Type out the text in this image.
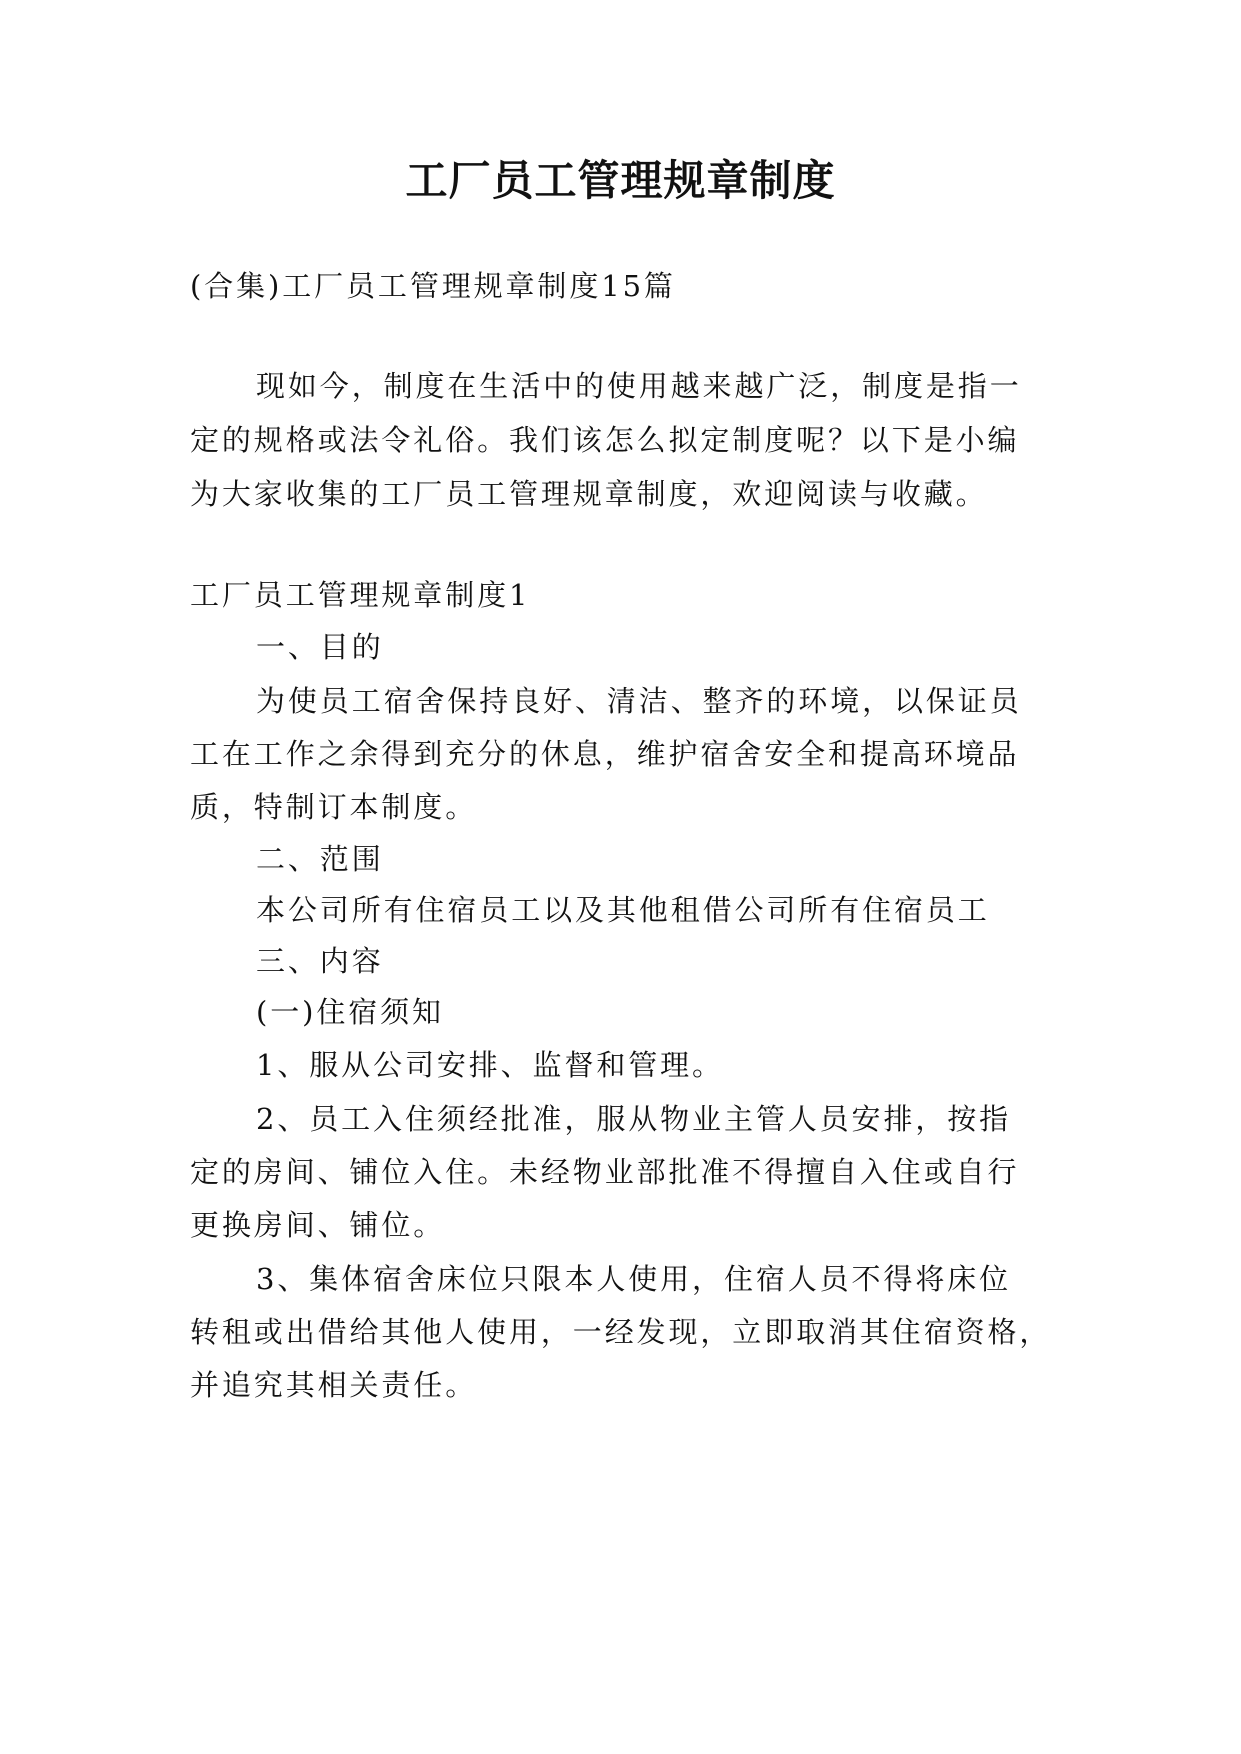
工厂员工管理规章制度
(合集)工厂员工管理规章制度15篇
现如今，制度在生活中的使用越来越广泛，制度是指一
定的规格或法令礼俗。我们该怎么拟定制度呢？以下是小编
为大家收集的工厂员工管理规章制度，欢迎阅读与收藏。
工厂员工管理规章制度1
一、目的
为使员工宿舍保持良好、清洁、整齐的环境，以保证员
工在工作之余得到充分的休息，维护宿舍安全和提高环境品
质，特制订本制度。
二、范围
本公司所有住宿员工以及其他租借公司所有住宿员工
三、内容
(一)住宿须知
1、服从公司安排、监督和管理。
2、员工入住须经批准，服从物业主管人员安排，按指
定的房间、铺位入住。未经物业部批准不得擅自入住或自行
更换房间、铺位。
3、集体宿舍床位只限本人使用，住宿人员不得将床位
转租或出借给其他人使用，一经发现，立即取消其住宿资格，
并追究其相关责任。
